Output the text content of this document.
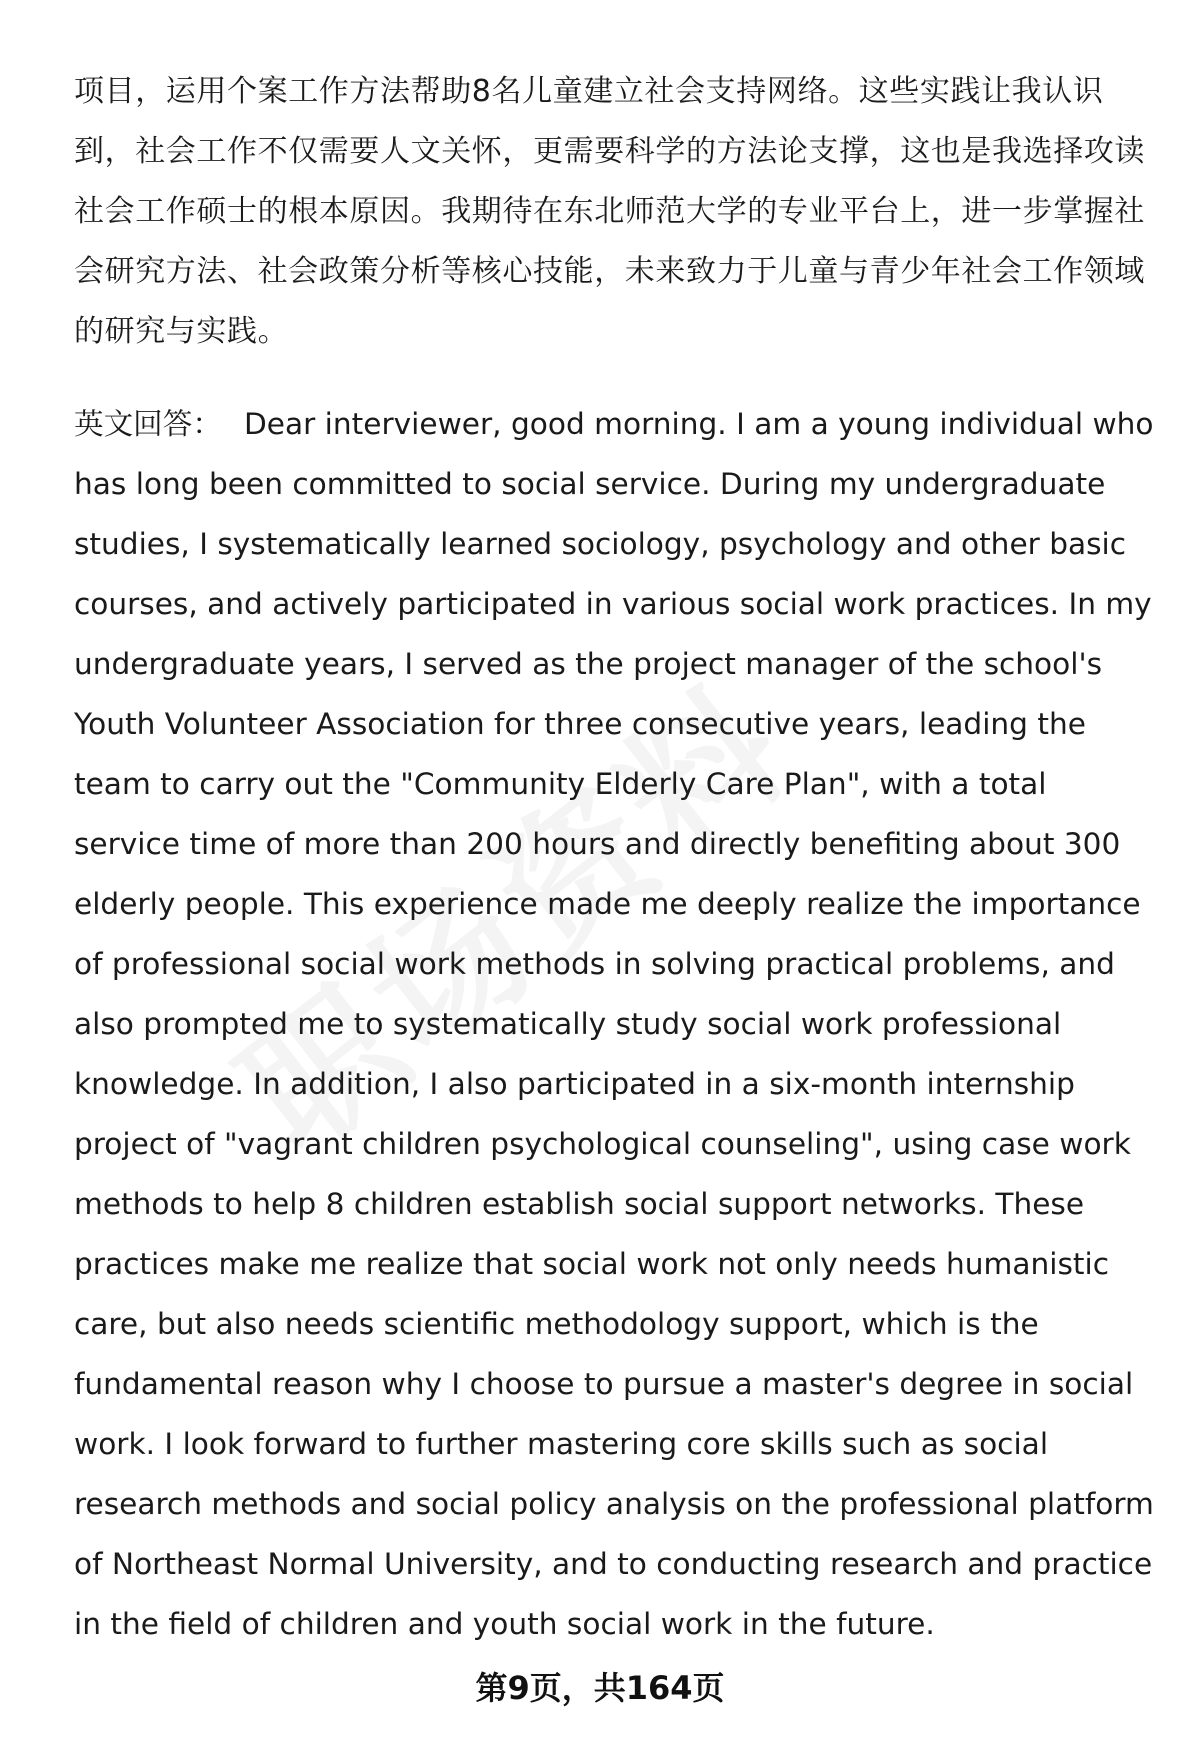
项目，运用个案工作方法帮助8名儿童建立社会支持网络。这些实践让我认识到，社会工作不仅需要人文关怀，更需要科学的方法论支撑，这也是我选择攻读社会工作硕士的根本原因。我期待在东北师范大学的专业平台上，进一步掌握社会研究方法、社会政策分析等核心技能，未来致力于儿童与青少年社会工作领域的研究与实践。

英文回答： Dear interviewer, good morning. I am a young individual who has long been committed to social service. During my undergraduate studies, I systematically learned sociology, psychology and other basic courses, and actively participated in various social work practices. In my undergraduate years, I served as the project manager of the school's Youth Volunteer Association for three consecutive years, leading the team to carry out the "Community Elderly Care Plan", with a total service time of more than 200 hours and directly benefiting about 300 elderly people. This experience made me deeply realize the importance of professional social work methods in solving practical problems, and also prompted me to systematically study social work professional knowledge. In addition, I also participated in a six-month internship project of "vagrant children psychological counseling", using case work methods to help 8 children establish social support networks. These practices make me realize that social work not only needs humanistic care, but also needs scientific methodology support, which is the fundamental reason why I choose to pursue a master's degree in social work. I look forward to further mastering core skills such as social research methods and social policy analysis on the professional platform of Northeast Normal University, and to conducting research and practice in the field of children and youth social work in the future.

第9页，共164页
